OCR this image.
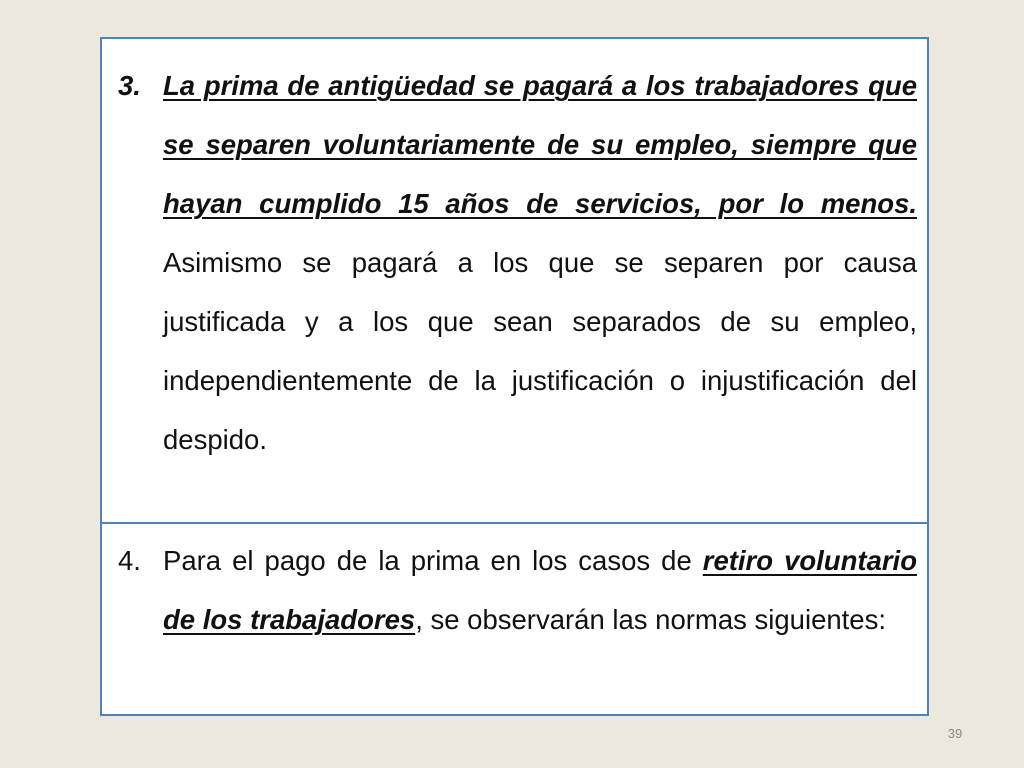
3. La prima de antigüedad se pagará a los trabajadores que se separen voluntariamente de su empleo, siempre que hayan cumplido 15 años de servicios, por lo menos. Asimismo se pagará a los que se separen por causa justificada y a los que sean separados de su empleo, independientemente de la justificación o injustificación del despido.

4. Para el pago de la prima en los casos de retiro voluntario de los trabajadores, se observarán las normas siguientes:

39
